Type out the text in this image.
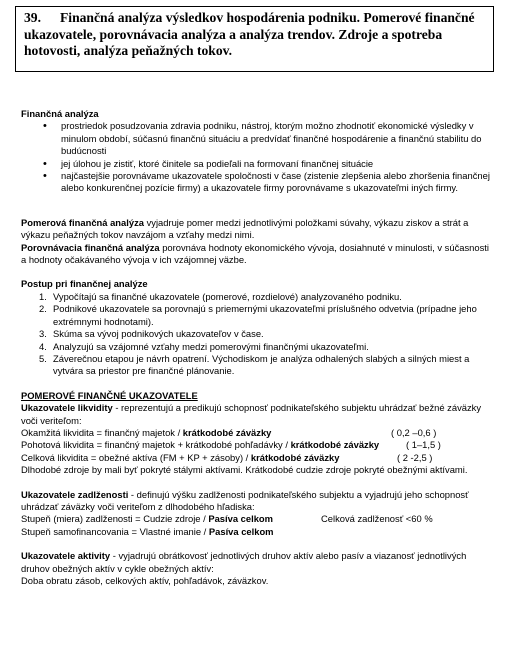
39. Finančná analýza výsledkov hospodárenia podniku. Pomerové finančné ukazovatele, porovnávacia analýza a analýza trendov. Zdroje a spotreba hotovosti, analýza peňažných tokov.
Finančná analýza
• prostriedok posudzovania zdravia podniku, nástroj, ktorým možno zhodnotiť ekonomické výsledky v minulom období, súčasnú finančnú situáciu a predvídať finančné hospodárenie a finančnú stabilitu do budúcnosti
• jej úlohou je zistiť, ktoré činitele sa podieľali na formovaní finančnej situácie
• najčastejšie porovnávame ukazovatele spoločnosti v čase (zistenie zlepšenia alebo zhoršenia finančnej alebo konkurenčnej pozície firmy) a ukazovatele firmy porovnávame s ukazovateľmi iných firmy.
Pomerová finančná analýza vyjadruje pomer medzi jednotlivými položkami súvahy, výkazu ziskov a strát a výkazu peňažných tokov navzájom a vzťahy medzi nimi.
Porovnávacia finančná analýza porovnáva hodnoty ekonomického vývoja, dosiahnuté v minulosti, v súčasnosti a hodnoty očakávaného vývoja v ich vzájomnej väzbe.
Postup pri finančnej analýze
1. Vypočítajú sa finančné ukazovatele (pomerové, rozdielové) analyzovaného podniku.
2. Podnikové ukazovatele sa porovnajú s priemernými ukazovateľmi príslušného odvetvia (prípadne jeho extrémnymi hodnotami).
3. Skúma sa vývoj podnikových ukazovateľov v čase.
4. Analyzujú sa vzájomné vzťahy medzi pomerovými finančnými ukazovateľmi.
5. Záverečnou etapou je návrh opatrení. Východiskom je analýza odhalených slabých a silných miest a vytvára sa priestor pre finančné plánovanie.
POMEROVÉ FINANČNÉ UKAZOVATELE
Ukazovatele likvidity - reprezentujú a predikujú schopnosť podnikateľského subjektu uhrádzať bežné záväzky voči veriteľom:
Okamžitá likvidita = finančný majetok / krátkodobé záväzky	( 0,2 –0,6 )
Pohotová likvidita = finančný majetok + krátkodobé pohľadávky / krátkodobé záväzky	( 1–1,5 )
Celková likvidita = obežné aktíva (FM + KP + zásoby) / krátkodobé záväzky	( 2 -2,5 )
Dlhodobé zdroje by mali byť pokryté stálymi aktívami. Krátkodobé cudzie zdroje pokryté obežnými aktívami.
Ukazovatele zadlženosti - definujú výšku zadlženosti podnikateľského subjektu a vyjadrujú jeho schopnosť uhrádzať záväzky voči veriteľom z dlhodobého hľadiska:
Stupeň (miera) zadlženosti = Cudzie zdroje / Pasíva celkom	Celková zadlženosť <60 %
Stupeň samofinancovania = Vlastné imanie / Pasíva celkom
Ukazovatele aktivity - vyjadrujú obrátkovosť jednotlivých druhov aktív alebo pasív a viazanosť jednotlivých druhov obežných aktív v cykle obežných aktív:
Doba obratu zásob, celkových aktív, pohľadávok, záväzkov.
